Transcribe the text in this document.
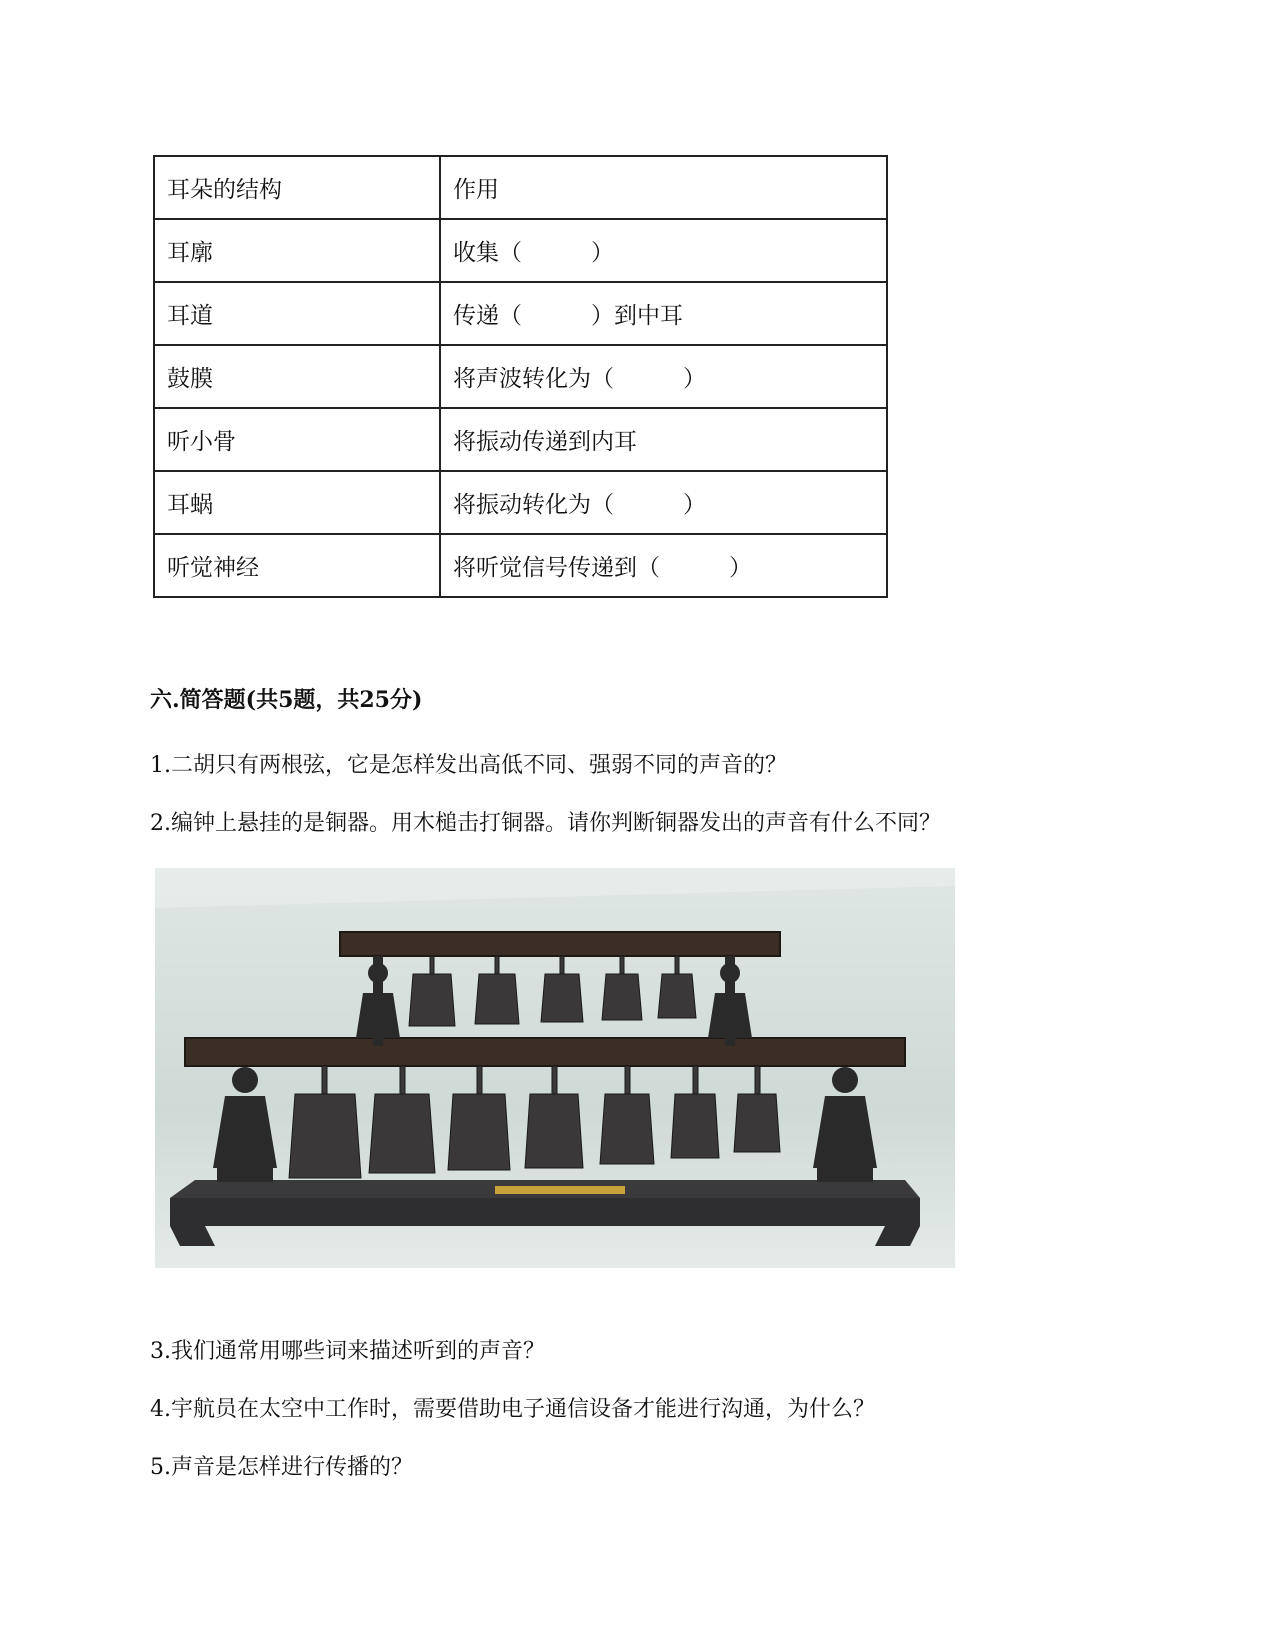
耳朵的结构	作用
耳廓	收集（　　　）
耳道	传递（　　　）到中耳
鼓膜	将声波转化为（　　　）
听小骨	将振动传递到内耳
耳蜗	将振动转化为（　　　）
听觉神经	将听觉信号传递到（　　　）
六.简答题(共5题，共25分)
1.二胡只有两根弦，它是怎样发出高低不同、强弱不同的声音的？
2.编钟上悬挂的是铜器。用木槌击打铜器。请你判断铜器发出的声音有什么不同？
3.我们通常用哪些词来描述听到的声音？
4.宇航员在太空中工作时，需要借助电子通信设备才能进行沟通，为什么？
5.声音是怎样进行传播的？
